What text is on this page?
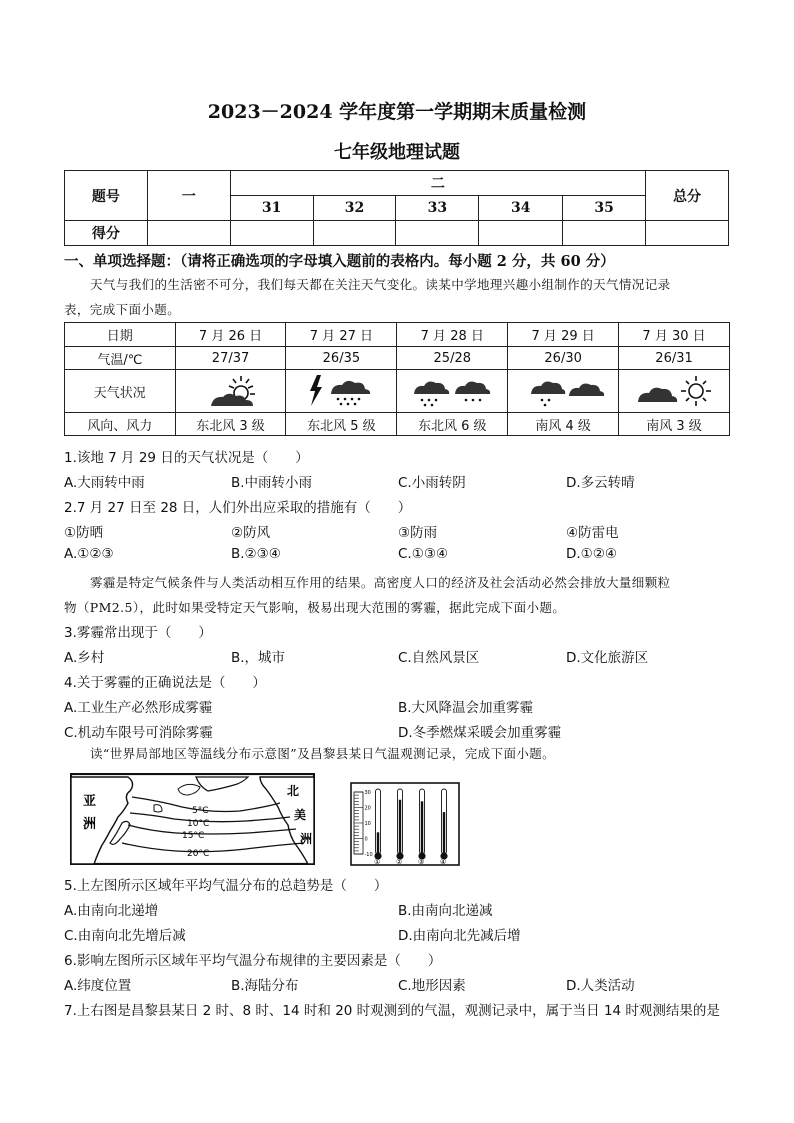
2023－2024 学年度第一学期期末质量检测
七年级地理试题
题号	一	二					总分
		31	32	33	34	35	
得分							
一、单项选择题：（请将正确选项的字母填入题前的表格内。每小题 2 分，共 60 分）
天气与我们的生活密不可分，我们每天都在关注天气变化。读某中学地理兴趣小组制作的天气情况记录
表，完成下面小题。
日期	7 月 26 日	7 月 27 日	7 月 28 日	7 月 29 日	7 月 30 日
气温/℃	27/37	26/35	25/28	26/30	26/31
天气状况	

风向、风力	东北风 3 级	东北风 5 级	东北风 6 级	南风 4 级	南风 3 级
1.该地 7 月 29 日的天气状况是（　　）
A.大雨转中雨	B.中雨转小雨	C.小雨转阴	D.多云转晴
2.7 月 27 日至 28 日，人们外出应采取的措施有（　　）
①防晒	②防风	③防雨	④防雷电
A.①②③	B.②③④	C.①③④	D.①②④
雾霾是特定气候条件与人类活动相互作用的结果。高密度人口的经济及社会活动必然会排放大量细颗粒
物（PM2.5），此时如果受特定天气影响，极易出现大范围的雾霾，据此完成下面小题。
3.雾霾常出现于（　　）
A.乡村	B.，城市	C.自然风景区	D.文化旅游区
4.关于雾霾的正确说法是（　　）
A.工业生产必然形成雾霾	B.大风降温会加重雾霾
C.机动车限号可消除雾霾	D.冬季燃煤采暖会加重雾霾
读“世界局部地区等温线分布示意图”及昌黎县某日气温观测记录，完成下面小题。
亚
洲
北
美
洲
5°C
10°C
15°C
20°C
30
20
10
0
-10
① ② ③ ④
5.上左图所示区域年平均气温分布的总趋势是（　　）
A.由南向北递增	B.由南向北递减
C.由南向北先增后减	D.由南向北先减后增
6.影响左图所示区域年平均气温分布规律的主要因素是（　　）
A.纬度位置	B.海陆分布	C.地形因素	D.人类活动
7.上右图是昌黎县某日 2 时、8 时、14 时和 20 时观测到的气温，观测记录中，属于当日 14 时观测结果的是
